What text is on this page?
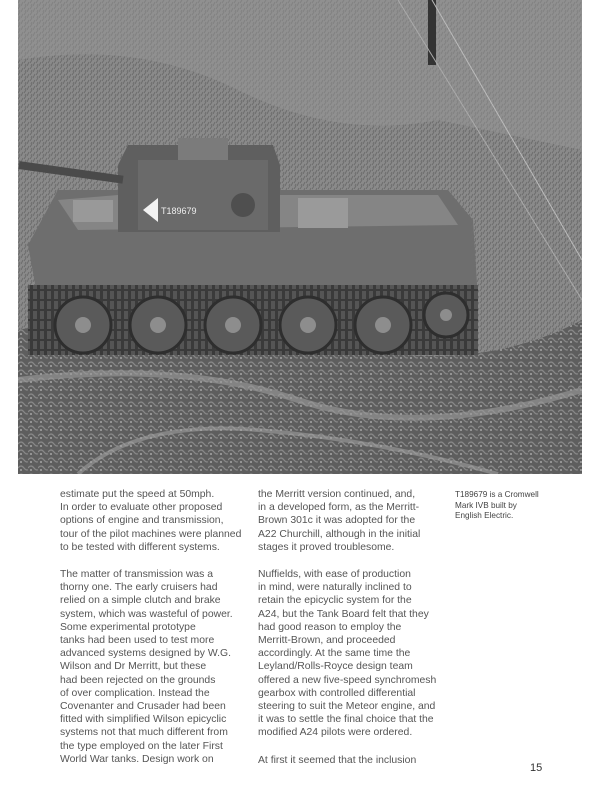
T189679

estimate put the speed at 50mph.
In order to evaluate other proposed
options of engine and transmission,
tour of the pilot machines were planned
to be tested with different systems.

The matter of transmission was a
thorny one. The early cruisers had
relied on a simple clutch and brake
system, which was wasteful of power.
Some experimental prototype
tanks had been used to test more
advanced systems designed by W.G.
Wilson and Dr Merritt, but these
had been rejected on the grounds
of over complication. Instead the
Covenanter and Crusader had been
fitted with simplified Wilson epicyclic
systems not that much different from
the type employed on the later First
World War tanks. Design work on

the Merritt version continued, and,
in a developed form, as the Merritt-
Brown 301c it was adopted for the
A22 Churchill, although in the initial
stages it proved troublesome.

Nuffields, with ease of production
in mind, were naturally inclined to
retain the epicyclic system for the
A24, but the Tank Board felt that they
had good reason to employ the
Merritt-Brown, and proceeded
accordingly. At the same time the
Leyland/Rolls-Royce design team
offered a new five-speed synchromesh
gearbox with controlled differential
steering to suit the Meteor engine, and
it was to settle the final choice that the
modified A24 pilots were ordered.

At first it seemed that the inclusion

T189679 is a Cromwell
Mark IVB built by
English Electric.
15
